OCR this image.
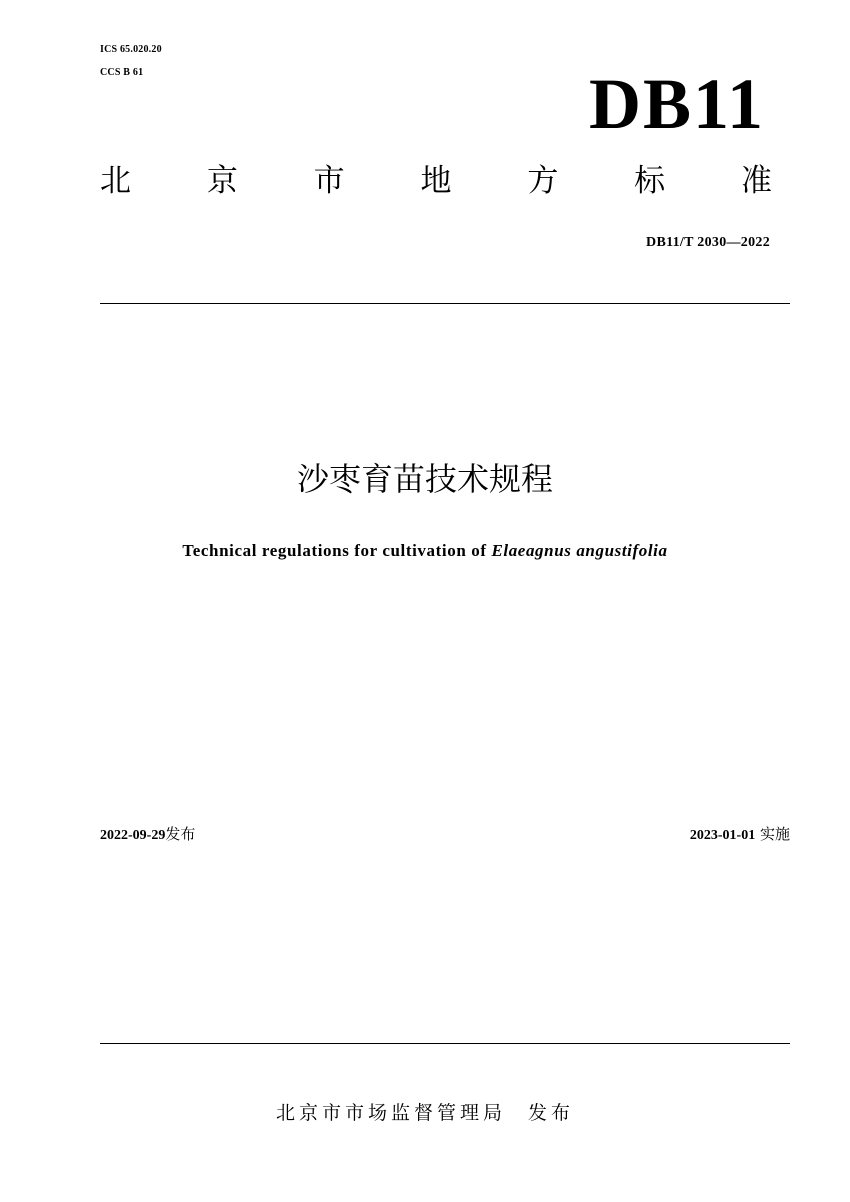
ICS 65.020.20
CCS B 61	DB11
北 京 市 地 方 标 准
DB11/T 2030—2022
沙枣育苗技术规程
Technical regulations for cultivation of Elaeagnus angustifolia
2022-09-29发布	2023-01-01 实施
北京市市场监督管理局 发布
